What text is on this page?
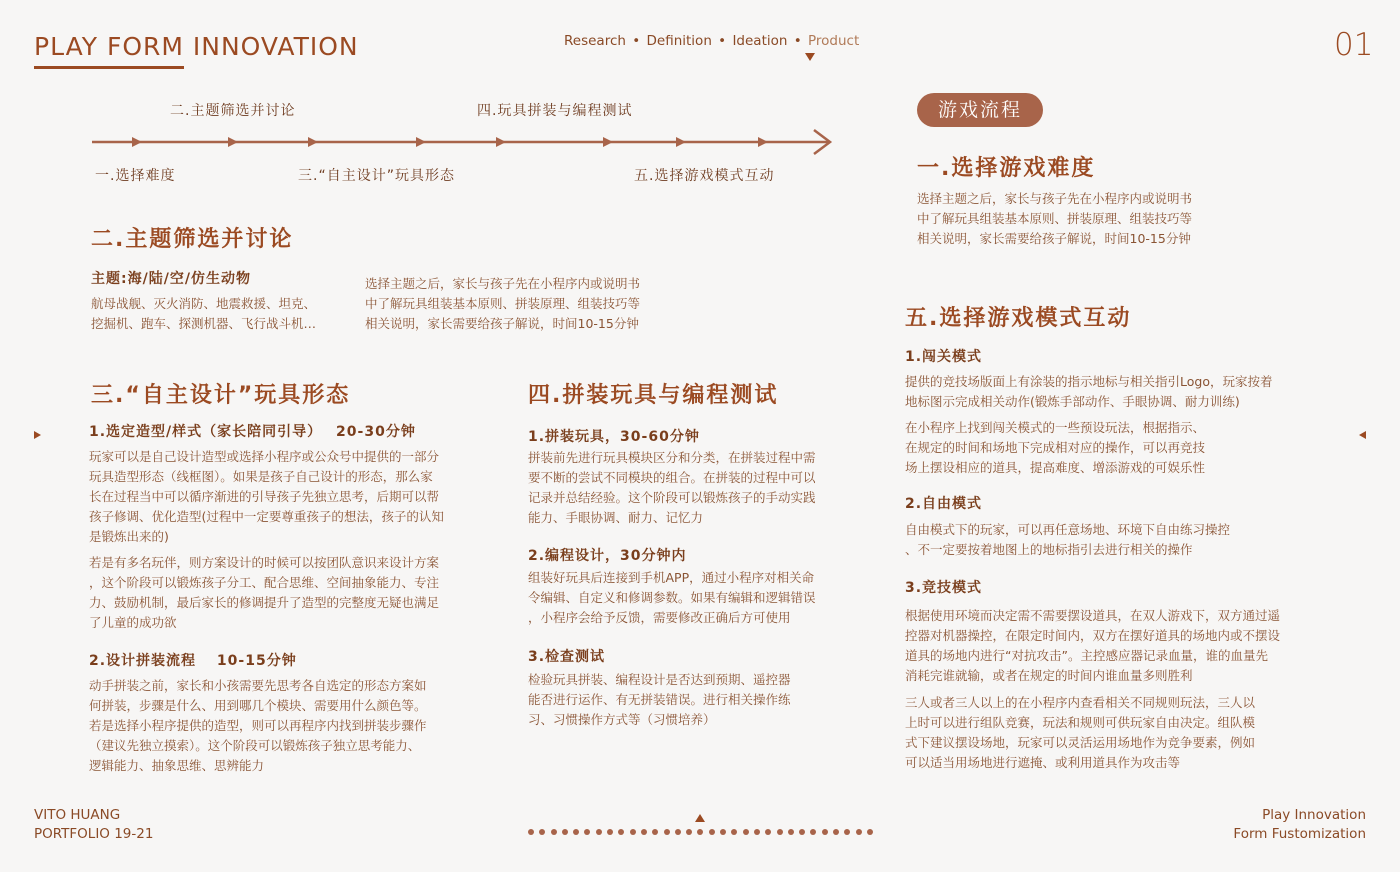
PLAY FORM INNOVATION	Research • Definition • Ideation • Product	01
二.主题筛选并讨论	四.玩具拼装与编程测试
一.选择难度	三.“自主设计”玩具形态	五.选择游戏模式互动
二.主题筛选并讨论
主题:海/陆/空/仿生动物
航母战舰、灭火消防、地震救援、坦克、
挖掘机、跑车、探测机器、飞行战斗机…
选择主题之后，家长与孩子先在小程序内或说明书
中了解玩具组装基本原则、拼装原理、组装技巧等
相关说明，家长需要给孩子解说，时间10-15分钟
三.“自主设计”玩具形态
1.选定造型/样式（家长陪同引导）　 20-30分钟
玩家可以是自己设计造型或选择小程序或公众号中提供的一部分
玩具造型形态（线框图）。如果是孩子自己设计的形态，那么家
长在过程当中可以循序渐进的引导孩子先独立思考，后期可以帮
孩子修调、优化造型(过程中一定要尊重孩子的想法，孩子的认知
是锻炼出来的)
若是有多名玩伴，则方案设计的时候可以按团队意识来设计方案
，这个阶段可以锻炼孩子分工、配合思维、空间抽象能力、专注
力、鼓励机制，最后家长的修调提升了造型的完整度无疑也满足
了儿童的成功欲
2.设计拼装流程　 10-15分钟
动手拼装之前，家长和小孩需要先思考各自选定的形态方案如
何拼装，步骤是什么、用到哪几个模块、需要用什么颜色等。
若是选择小程序提供的造型，则可以再程序内找到拼装步骤作
（建议先独立摸索）。这个阶段可以锻炼孩子独立思考能力、
逻辑能力、抽象思维、思辨能力
四.拼装玩具与编程测试
1.拼装玩具，30-60分钟
拼装前先进行玩具模块区分和分类，在拼装过程中需
要不断的尝试不同模块的组合。在拼装的过程中可以
记录并总结经验。这个阶段可以锻炼孩子的手动实践
能力、手眼协调、耐力、记忆力
2.编程设计，30分钟内
组装好玩具后连接到手机APP，通过小程序对相关命
令编辑、自定义和修调参数。如果有编辑和逻辑错误
，小程序会给予反馈，需要修改正确后方可使用
3.检查测试
检验玩具拼装、编程设计是否达到预期、遥控器
能否进行运作、有无拼装错误。进行相关操作练
习、习惯操作方式等（习惯培养）
游戏流程
一.选择游戏难度
选择主题之后，家长与孩子先在小程序内或说明书
中了解玩具组装基本原则、拼装原理、组装技巧等
相关说明，家长需要给孩子解说，时间10-15分钟
五.选择游戏模式互动
1.闯关模式
提供的竞技场版面上有涂装的指示地标与相关指引Logo，玩家按着
地标图示完成相关动作(锻炼手部动作、手眼协调、耐力训练)
在小程序上找到闯关模式的一些预设玩法，根据指示、
在规定的时间和场地下完成相对应的操作，可以再竞技
场上摆设相应的道具，提高难度、增添游戏的可娱乐性
2.自由模式
自由模式下的玩家，可以再任意场地、环境下自由练习操控
、不一定要按着地图上的地标指引去进行相关的操作
3.竞技模式
根据使用环境而决定需不需要摆设道具，在双人游戏下，双方通过遥
控器对机器操控，在限定时间内，双方在摆好道具的场地内或不摆设
道具的场地内进行“对抗攻击”。主控感应器记录血量，谁的血量先
消耗完谁就输，或者在规定的时间内谁血量多则胜利
三人或者三人以上的在小程序内查看相关不同规则玩法，三人以
上时可以进行组队竞赛，玩法和规则可供玩家自由决定。组队模
式下建议摆设场地，玩家可以灵活运用场地作为竞争要素，例如
可以适当用场地进行遮掩、或利用道具作为攻击等
VITO HUANG
PORTFOLIO 19-21
Play Innovation
Form Fustomization
